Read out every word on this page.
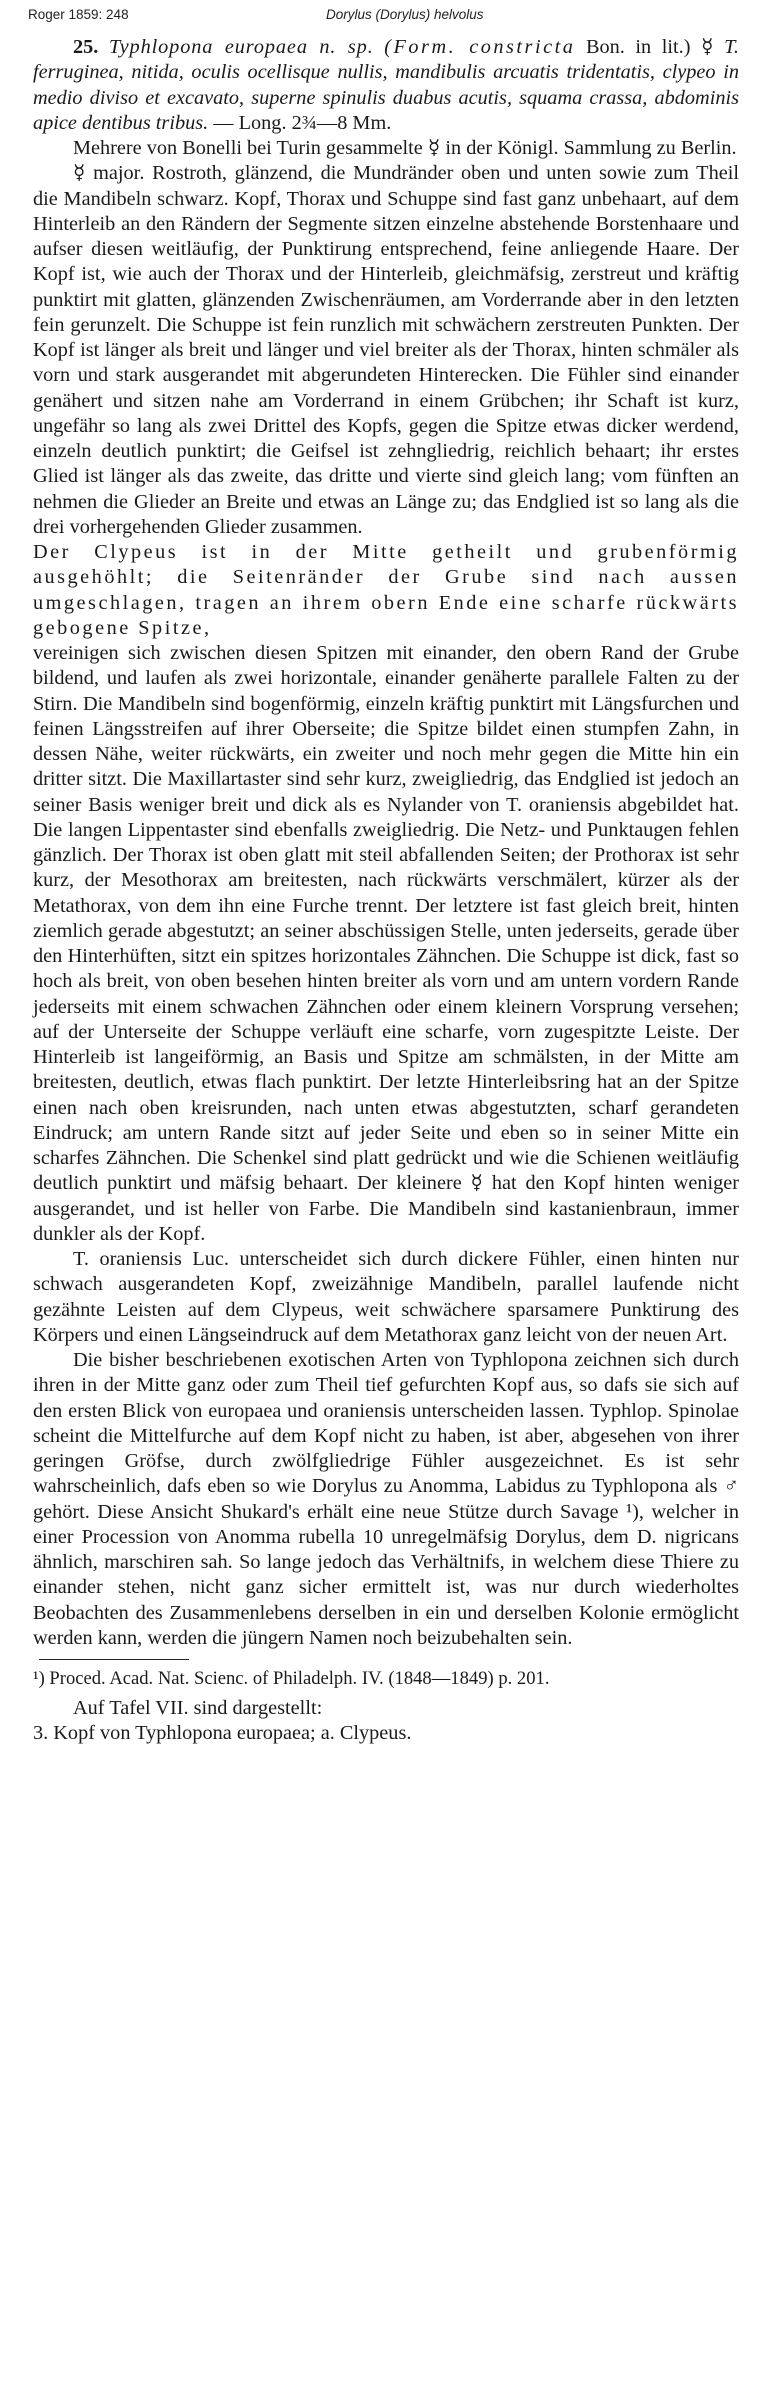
Roger 1859: 248	Dorylus (Dorylus) helvolus

25. Typhlopona europaea n. sp. (Form. constricta Bon. in lit.) ☿ T. ferruginea, nitida, oculis ocellisque nullis, mandibulis arcuatis tridentatis, clypeo in medio diviso et excavato, superne spinulis duabus acutis, squama crassa, abdominis apice dentibus tribus. — Long. 2¾—8 Mm.

Mehrere von Bonelli bei Turin gesammelte ☿ in der Königl. Sammlung zu Berlin.

☿ major. Rostroth, glänzend, die Mundränder oben und unten sowie zum Theil die Mandibeln schwarz. Kopf, Thorax und Schuppe sind fast ganz unbehaart, auf dem Hinterleib an den Rändern der Segmente sitzen einzelne abstehende Borstenhaare und aufser diesen weitläufig, der Punktirung entsprechend, feine anliegende Haare. Der Kopf ist, wie auch der Thorax und der Hinterleib, gleichmäfsig, zerstreut und kräftig punktirt mit glatten, glänzenden Zwischenräumen, am Vorderrande aber in den letzten fein gerunzelt. Die Schuppe ist fein runzlich mit schwächern zerstreuten Punkten. Der Kopf ist länger als breit und länger und viel breiter als der Thorax, hinten schmäler als vorn und stark ausgerandet mit abgerundeten Hinterecken. Die Fühler sind einander genähert und sitzen nahe am Vorderrand in einem Grübchen; ihr Schaft ist kurz, ungefähr so lang als zwei Drittel des Kopfs, gegen die Spitze etwas dicker werdend, einzeln deutlich punktirt; die Geifsel ist zehngliedrig, reichlich behaart; ihr erstes Glied ist länger als das zweite, das dritte und vierte sind gleich lang; vom fünften an nehmen die Glieder an Breite und etwas an Länge zu; das Endglied ist so lang als die drei vorhergehenden Glieder zusammen.

Der Clypeus ist in der Mitte getheilt und grubenförmig ausgehöhlt; die Seitenränder der Grube sind nach aussen umgeschlagen, tragen an ihrem obern Ende eine scharfe rückwärts gebogene Spitze,

vereinigen sich zwischen diesen Spitzen mit einander, den obern Rand der Grube bildend, und laufen als zwei horizontale, einander genäherte parallele Falten zu der Stirn. Die Mandibeln sind bogenförmig, einzeln kräftig punktirt mit Längsfurchen und feinen Längsstreifen auf ihrer Oberseite; die Spitze bildet einen stumpfen Zahn, in dessen Nähe, weiter rückwärts, ein zweiter und noch mehr gegen die Mitte hin ein dritter sitzt. Die Maxillartaster sind sehr kurz, zweigliedrig, das Endglied ist jedoch an seiner Basis weniger breit und dick als es Nylander von T. oraniensis abgebildet hat. Die langen Lippentaster sind ebenfalls zweigliedrig. Die Netz- und Punktaugen fehlen gänzlich. Der Thorax ist oben glatt mit steil abfallenden Seiten; der Prothorax ist sehr kurz, der Mesothorax am breitesten, nach rückwärts verschmälert, kürzer als der Metathorax, von dem ihn eine Furche trennt. Der letztere ist fast gleich breit, hinten ziemlich gerade abgestutzt; an seiner abschüssigen Stelle, unten jederseits, gerade über den Hinterhüften, sitzt ein spitzes horizontales Zähnchen. Die Schuppe ist dick, fast so hoch als breit, von oben besehen hinten breiter als vorn und am untern vordern Rande jederseits mit einem schwachen Zähnchen oder einem kleinern Vorsprung versehen; auf der Unterseite der Schuppe verläuft eine scharfe, vorn zugespitzte Leiste. Der Hinterleib ist langeiförmig, an Basis und Spitze am schmälsten, in der Mitte am breitesten, deutlich, etwas flach punktirt. Der letzte Hinterleibsring hat an der Spitze einen nach oben kreisrunden, nach unten etwas abgestutzten, scharf gerandeten Eindruck; am untern Rande sitzt auf jeder Seite und eben so in seiner Mitte ein scharfes Zähnchen. Die Schenkel sind platt gedrückt und wie die Schienen weitläufig deutlich punktirt und mäfsig behaart. Der kleinere ☿ hat den Kopf hinten weniger ausgerandet, und ist heller von Farbe. Die Mandibeln sind kastanienbraun, immer dunkler als der Kopf.

T. oraniensis Luc. unterscheidet sich durch dickere Fühler, einen hinten nur schwach ausgerandeten Kopf, zweizähnige Mandibeln, parallel laufende nicht gezähnte Leisten auf dem Clypeus, weit schwächere sparsamere Punktirung des Körpers und einen Längseindruck auf dem Metathorax ganz leicht von der neuen Art.

Die bisher beschriebenen exotischen Arten von Typhlopona zeichnen sich durch ihren in der Mitte ganz oder zum Theil tief gefurchten Kopf aus, so dafs sie sich auf den ersten Blick von europaea und oraniensis unterscheiden lassen. Typhlop. Spinolae scheint die Mittelfurche auf dem Kopf nicht zu haben, ist aber, abgesehen von ihrer geringen Gröfse, durch zwölfgliedrige Fühler ausgezeichnet. Es ist sehr wahrscheinlich, dafs eben so wie Dorylus zu Anomma, Labidus zu Typhlopona als ♂ gehört. Diese Ansicht Shukard's erhält eine neue Stütze durch Savage ¹), welcher in einer Procession von Anomma rubella 10 unregelmäfsig Dorylus, dem D. nigricans ähnlich, marschiren sah. So lange jedoch das Verhältnifs, in welchem diese Thiere zu einander stehen, nicht ganz sicher ermittelt ist, was nur durch wiederholtes Beobachten des Zusammenlebens derselben in ein und derselben Kolonie ermöglicht werden kann, werden die jüngern Namen noch beizubehalten sein.

¹) Proced. Acad. Nat. Scienc. of Philadelph. IV. (1848—1849) p. 201.

Auf Tafel VII. sind dargestellt:

3. Kopf von Typhlopona europaea; a. Clypeus.
